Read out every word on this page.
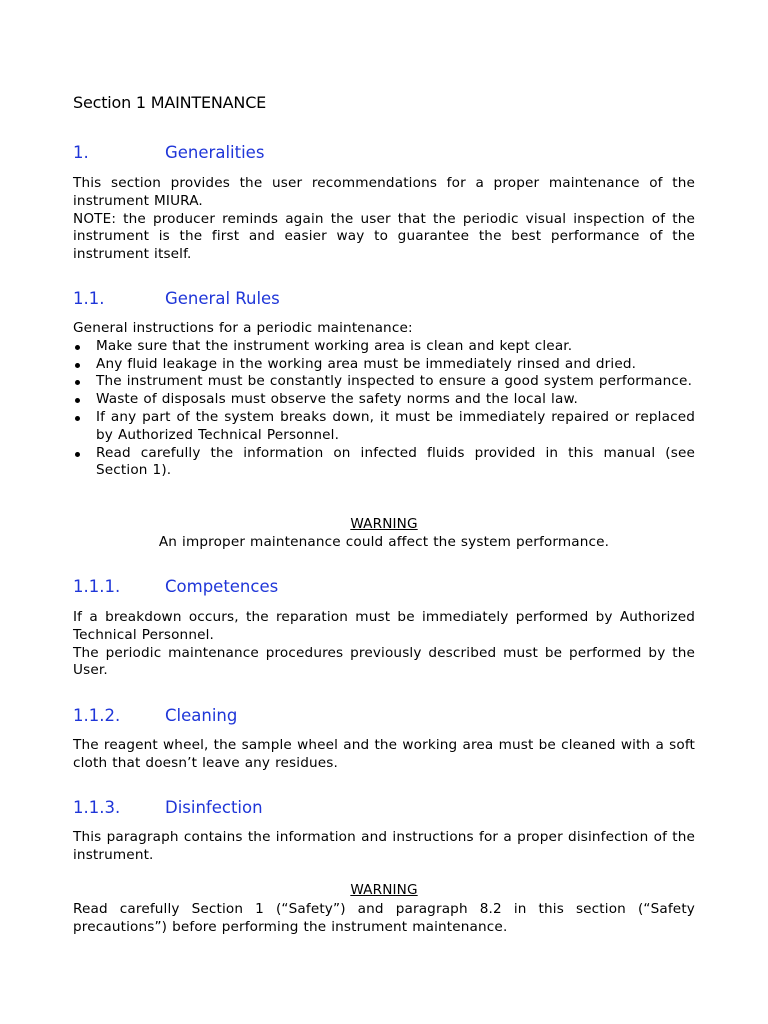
Section 1 MAINTENANCE
1.	Generalities
This section provides the user recommendations for a proper maintenance of the instrument MIURA.
NOTE: the producer reminds again the user that the periodic visual inspection of the instrument is the first and easier way to guarantee the best performance of the instrument itself.
1.1.	General Rules
General instructions for a periodic maintenance:
Make sure that the instrument working area is clean and kept clear.
Any fluid leakage in the working area must be immediately rinsed and dried.
The instrument must be constantly inspected to ensure a good system performance.
Waste of disposals must observe the safety norms and the local law.
If any part of the system breaks down, it must be immediately repaired or replaced by Authorized Technical Personnel.
Read carefully the information on infected fluids provided in this manual (see Section 1).
WARNING
An improper maintenance could affect the system performance.
1.1.1.	Competences
If a breakdown occurs, the reparation must be immediately performed by Authorized Technical Personnel.
The periodic maintenance procedures previously described must be performed by the User.
1.1.2.	Cleaning
The reagent wheel, the sample wheel and the working area must be cleaned with a soft cloth that doesn’t leave any residues.
1.1.3.	Disinfection
This paragraph contains the information and instructions for a proper disinfection of the instrument.
WARNING
Read carefully Section 1 (“Safety”) and paragraph 8.2 in this section (“Safety precautions”) before performing the instrument maintenance.
